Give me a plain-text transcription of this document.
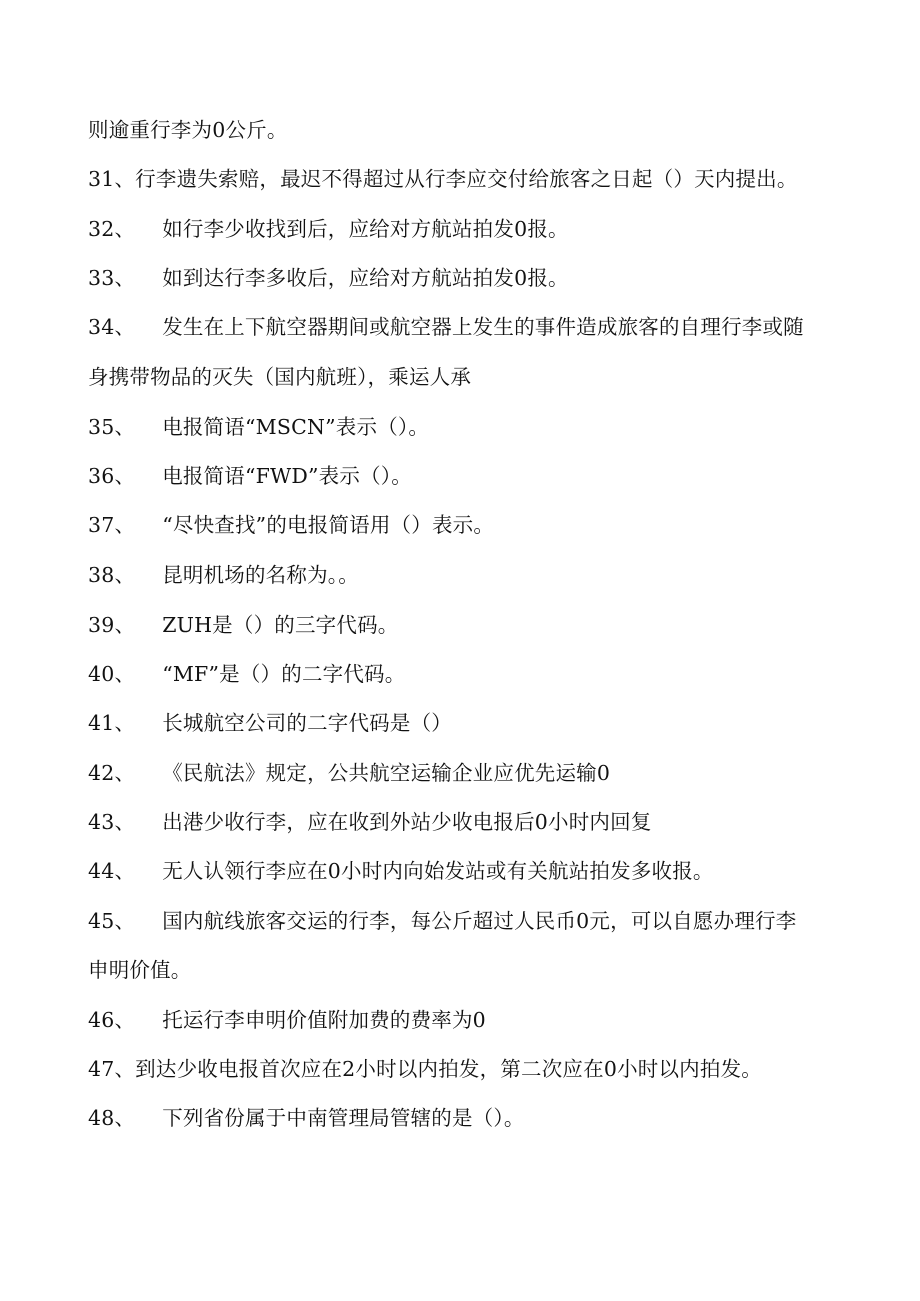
则逾重行李为0公斤。
31、行李遗失索赔，最迟不得超过从行李应交付给旅客之日起（）天内提出。
32、 如行李少收找到后，应给对方航站拍发0报。
33、 如到达行李多收后，应给对方航站拍发0报。
34、 发生在上下航空器期间或航空器上发生的事件造成旅客的自理行李或随
身携带物品的灭失（国内航班），乘运人承
35、 电报简语“MSCN”表示（）。
36、 电报简语“FWD”表示（）。
37、 “尽快查找”的电报简语用（）表示。
38、 昆明机场的名称为。。
39、 ZUH是（）的三字代码。
40、 “MF”是（）的二字代码。
41、 长城航空公司的二字代码是（）
42、 《民航法》规定，公共航空运输企业应优先运输0
43、 出港少收行李，应在收到外站少收电报后0小时内回复
44、 无人认领行李应在0小时内向始发站或有关航站拍发多收报。
45、 国内航线旅客交运的行李，每公斤超过人民币0元，可以自愿办理行李
申明价值。
46、 托运行李申明价值附加费的费率为0
47、到达少收电报首次应在2小时以内拍发，第二次应在0小时以内拍发。
48、 下列省份属于中南管理局管辖的是（）。
